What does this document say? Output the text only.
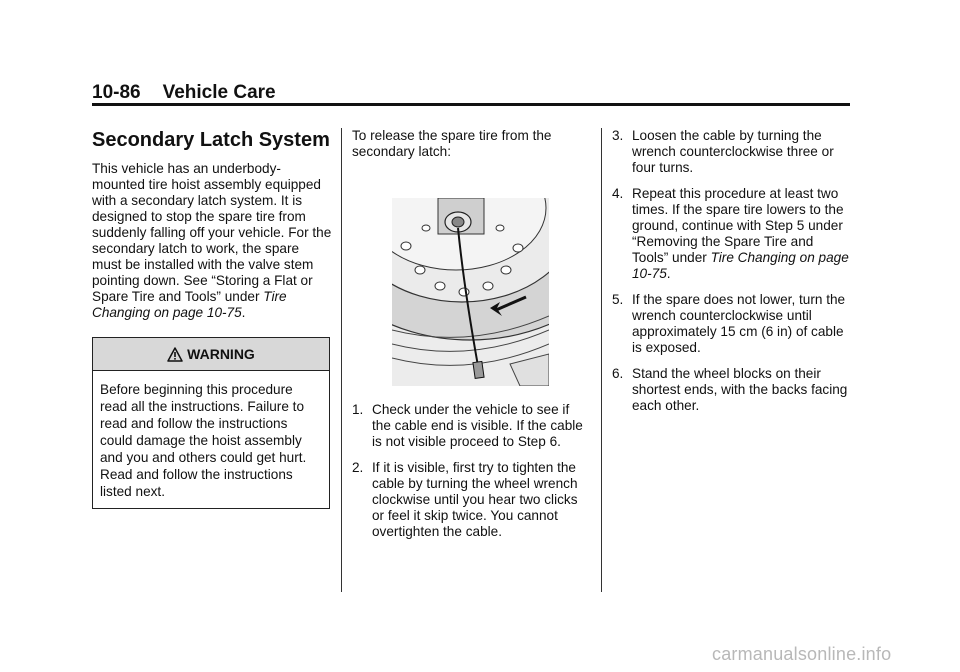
10-86 Vehicle Care
Secondary Latch System

This vehicle has an underbody-mounted tire hoist assembly equipped with a secondary latch system. It is designed to stop the spare tire from suddenly falling off your vehicle. For the secondary latch to work, the spare must be installed with the valve stem pointing down. See “Storing a Flat or Spare Tire and Tools” under Tire Changing on page 10-75.

WARNING
Before beginning this procedure read all the instructions. Failure to read and follow the instructions could damage the hoist assembly and you and others could get hurt. Read and follow the instructions listed next.

To release the spare tire from the secondary latch:

1. Check under the vehicle to see if the cable end is visible. If the cable is not visible proceed to Step 6.
2. If it is visible, first try to tighten the cable by turning the wheel wrench clockwise until you hear two clicks or feel it skip twice. You cannot overtighten the cable.
3. Loosen the cable by turning the wrench counterclockwise three or four turns.
4. Repeat this procedure at least two times. If the spare tire lowers to the ground, continue with Step 5 under “Removing the Spare Tire and Tools” under Tire Changing on page 10-75.
5. If the spare does not lower, turn the wrench counterclockwise until approximately 15 cm (6 in) of cable is exposed.
6. Stand the wheel blocks on their shortest ends, with the backs facing each other.
carmanualsonline.info
